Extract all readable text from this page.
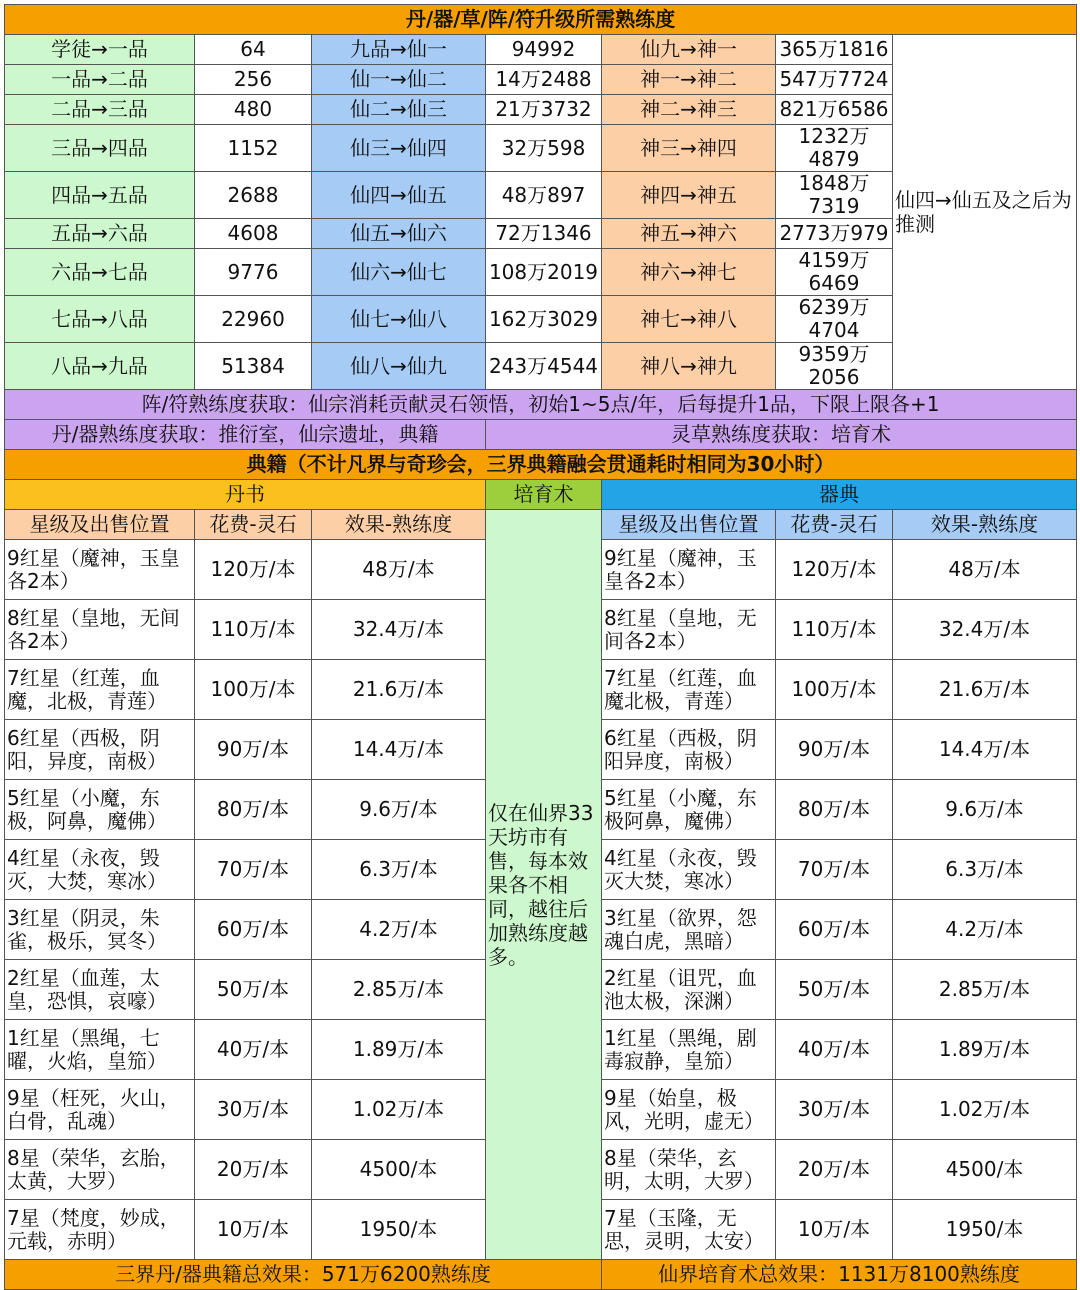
丹/器/草/阵/符升级所需熟练度						
学徒→一品	64	九品→仙一	94992	仙九→神一	365万1816	仙四→仙五及之后为推测
一品→二品	256	仙一→仙二	14万2488	神一→神二	547万7724	
二品→三品	480	仙二→仙三	21万3732	神二→神三	821万6586	
三品→四品	1152	仙三→仙四	32万598	神三→神四	1232万4879	
四品→五品	2688	仙四→仙五	48万897	神四→神五	1848万7319	
五品→六品	4608	仙五→仙六	72万1346	神五→神六	2773万979	
六品→七品	9776	仙六→仙七	108万2019	神六→神七	4159万6469	
七品→八品	22960	仙七→仙八	162万3029	神七→神八	6239万4704	
八品→九品	51384	仙八→仙九	243万4544	神八→神九	9359万2056	
阵/符熟练度获取：仙宗消耗贡献灵石领悟，初始1~5点/年，后每提升1品，下限上限各+1						
丹/器熟练度获取：推衍室，仙宗遗址，典籍			灵草熟练度获取：培育术			
典籍（不计凡界与奇珍会，三界典籍融会贯通耗时相同为30小时）						
丹书			培育术	器典		
星级及出售位置	花费-灵石	效果-熟练度	仅在仙界33天坊市有售，每本效果各不相同，越往后加熟练度越多。	星级及出售位置	花费-灵石	效果-熟练度
9红星（魔神，玉皇各2本）	120万/本	48万/本		9红星（魔神，玉皇各2本）	120万/本	48万/本
8红星（皇地，无间各2本）	110万/本	32.4万/本		8红星（皇地，无间各2本）	110万/本	32.4万/本
7红星（红莲，血魔，北极，青莲）	100万/本	21.6万/本		7红星（红莲，血魔北极，青莲）	100万/本	21.6万/本
6红星（西极，阴阳，异度，南极）	90万/本	14.4万/本		6红星（西极，阴阳异度，南极）	90万/本	14.4万/本
5红星（小魔，东极，阿鼻，魔佛）	80万/本	9.6万/本		5红星（小魔，东极阿鼻，魔佛）	80万/本	9.6万/本
4红星（永夜，毁灭，大焚，寒冰）	70万/本	6.3万/本		4红星（永夜，毁灭大焚，寒冰）	70万/本	6.3万/本
3红星（阴灵，朱雀，极乐，冥冬）	60万/本	4.2万/本		3红星（欲界，怨魂白虎，黑暗）	60万/本	4.2万/本
2红星（血莲，太皇，恐惧，哀嚎）	50万/本	2.85万/本		2红星（诅咒，血池太极，深渊）	50万/本	2.85万/本
1红星（黑绳，七曜，火焰，皇笳）	40万/本	1.89万/本		1红星（黑绳，剧毒寂静，皇笳）	40万/本	1.89万/本
9星（枉死，火山，白骨，乱魂）	30万/本	1.02万/本		9星（始皇，极风，光明，虚无）	30万/本	1.02万/本
8星（荣华，玄胎，太黄，大罗）	20万/本	4500/本		8星（荣华，玄明，太明，大罗）	20万/本	4500/本
7星（梵度，妙成，元载，赤明）	10万/本	1950/本		7星（玉隆，无思，灵明，太安）	10万/本	1950/本
三界丹/器典籍总效果：571万6200熟练度				仙界培育术总效果：1131万8100熟练度		
